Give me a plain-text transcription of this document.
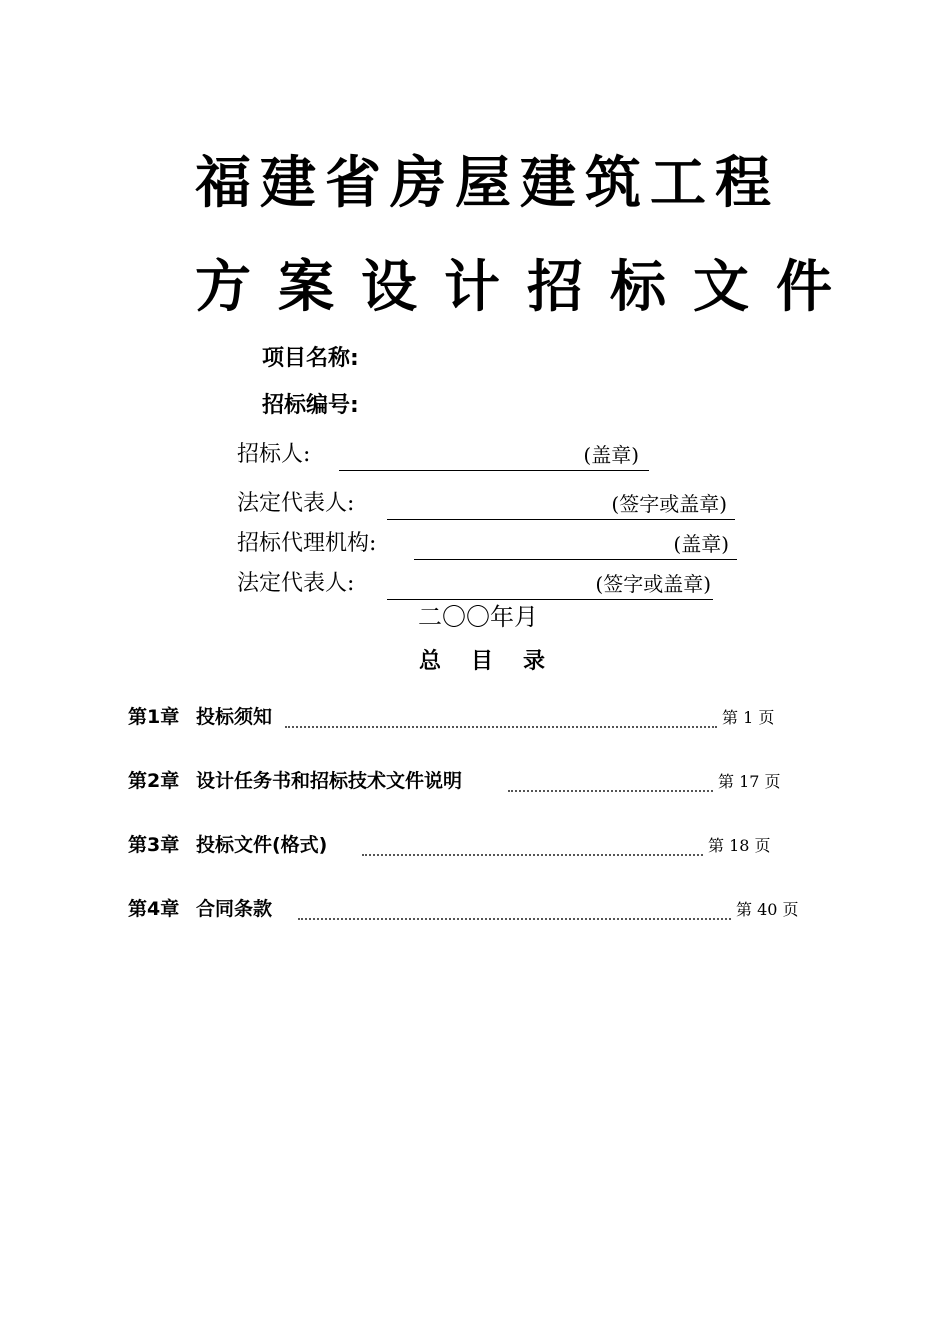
福建省房屋建筑工程
方案设计招标文件
项目名称:
招标编号:
招标人:	(盖章)
法定代表人:	(签字或盖章)
招标代理机构:	(盖章)
法定代表人:	(签字或盖章)
二〇〇年月
总目录
第1章 投标须知	第 1 页
第2章 设计任务书和招标技术文件说明	第 17 页
第3章 投标文件(格式)	第 18 页
第4章 合同条款	第 40 页
